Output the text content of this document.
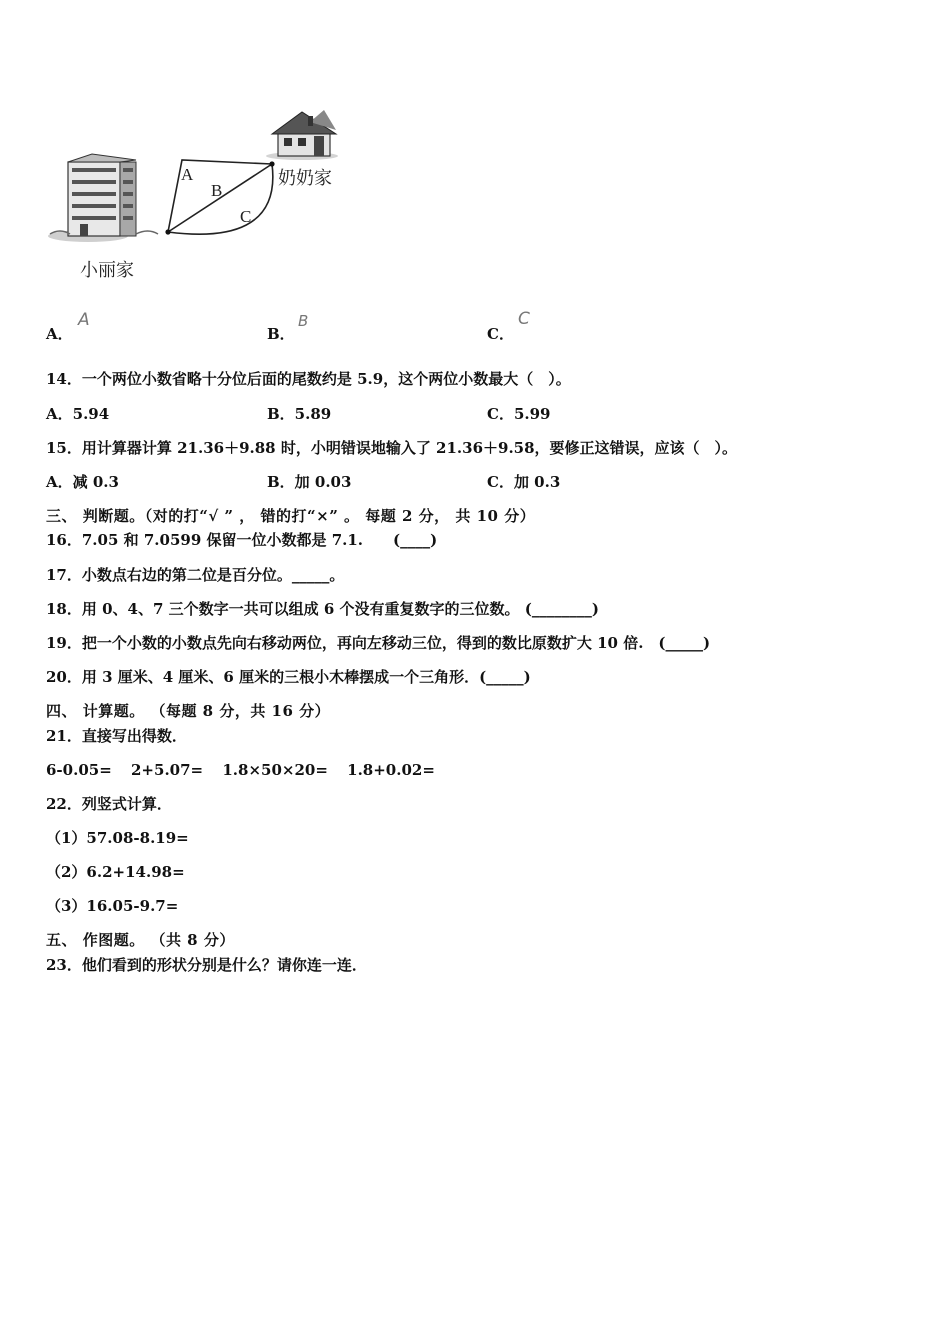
A
B
C
小丽家
奶奶家
A．
A
B．
B
C．
C
14．一个两位小数省略十分位后面的尾数约是 5.9，这个两位小数最大（　）。
A．5.94	B．5.89	C．5.99
15．用计算器计算 21.36＋9.88 时，小明错误地输入了 21.36＋9.58，要修正这错误，应该（　）。
A．减 0.3	B．加 0.03	C．加 0.3
三、 判断题。（对的打“√ ” ， 错的打“×” 。 每题 2 分， 共 10 分）
16．7.05 和 7.0599 保留一位小数都是 7.1.　　(____)
17．小数点右边的第二位是百分位。_____。
18．用 0、4、7 三个数字一共可以组成 6 个没有重复数字的三位数。 (________)
19．把一个小数的小数点先向右移动两位，再向左移动三位，得到的数比原数扩大 10 倍.　(_____)
20．用 3 厘米、4 厘米、6 厘米的三根小木棒摆成一个三角形．(_____)
四、 计算题。 （每题 8 分，共 16 分）
21．直接写出得数．
6-0.05= 2+5.07= 1.8×50×20= 1.8+0.02=
22．列竖式计算．
（1）57.08-8.19=
（2）6.2+14.98=
（3）16.05-9.7=
五、 作图题。 （共 8 分）
23．他们看到的形状分别是什么？请你连一连．
